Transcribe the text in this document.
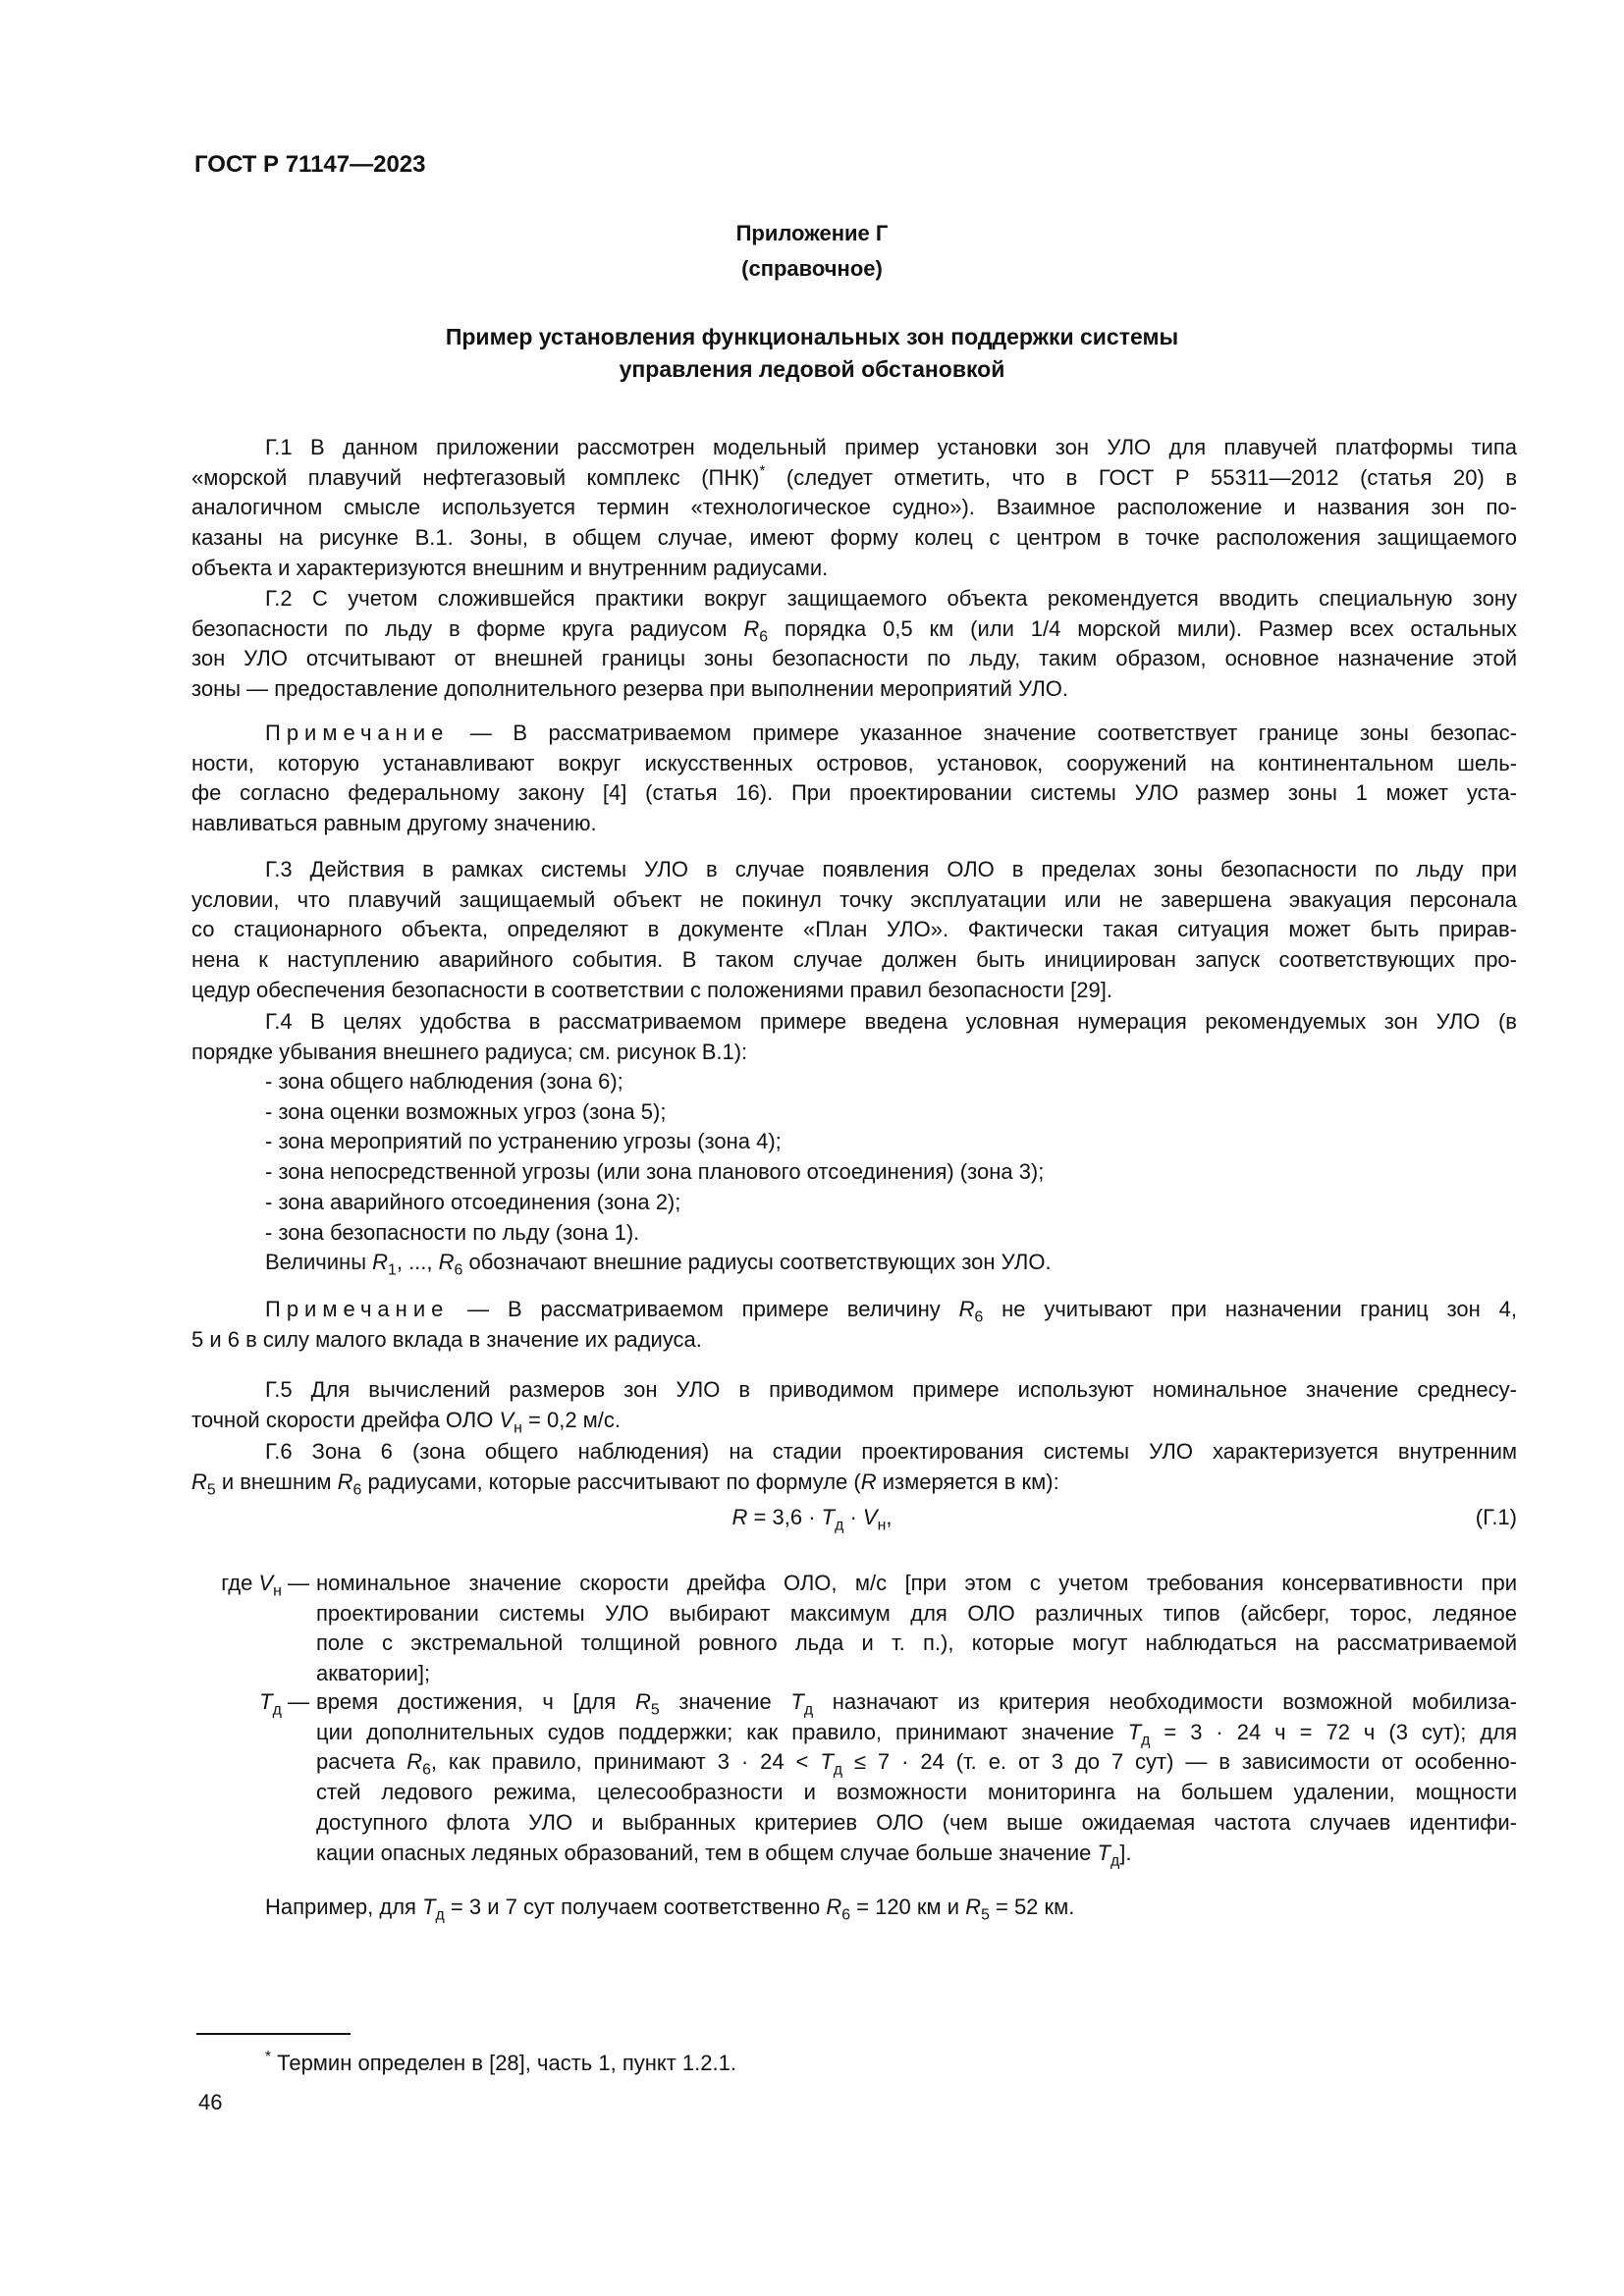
ГОСТ Р 71147—2023
Приложение Г
(справочное)
Пример установления функциональных зон поддержки системы
управления ледовой обстановкой
Г.1 В данном приложении рассмотрен модельный пример установки зон УЛО для плавучей платформы типа
«морской плавучий нефтегазовый комплекс (ПНК)* (следует отметить, что в ГОСТ Р 55311—2012 (статья 20) в
аналогичном смысле используется термин «технологическое судно»). Взаимное расположение и названия зон по-
казаны на рисунке В.1. Зоны, в общем случае, имеют форму колец с центром в точке расположения защищаемого
объекта и характеризуются внешним и внутренним радиусами.
Г.2 С учетом сложившейся практики вокруг защищаемого объекта рекомендуется вводить специальную зону
безопасности по льду в форме круга радиусом $R_6$ порядка 0,5 км (или 1/4 морской мили). Размер всех остальных
зон УЛО отсчитывают от внешней границы зоны безопасности по льду, таким образом, основное назначение этой
зоны — предоставление дополнительного резерва при выполнении мероприятий УЛО.
Примечание — В рассматриваемом примере указанное значение соответствует границе зоны безопас-
ности, которую устанавливают вокруг искусственных островов, установок, сооружений на континентальном шель-
фе согласно федеральному закону [4] (статья 16). При проектировании системы УЛО размер зоны 1 может уста-
навливаться равным другому значению.
Г.3 Действия в рамках системы УЛО в случае появления ОЛО в пределах зоны безопасности по льду при
условии, что плавучий защищаемый объект не покинул точку эксплуатации или не завершена эвакуация персонала
со стационарного объекта, определяют в документе «План УЛО». Фактически такая ситуация может быть прирав-
нена к наступлению аварийного события. В таком случае должен быть инициирован запуск соответствующих про-
цедур обеспечения безопасности в соответствии с положениями правил безопасности [29].
Г.4 В целях удобства в рассматриваемом примере введена условная нумерация рекомендуемых зон УЛО (в
порядке убывания внешнего радиуса; см. рисунок В.1):
- зона общего наблюдения (зона 6);
- зона оценки возможных угроз (зона 5);
- зона мероприятий по устранению угрозы (зона 4);
- зона непосредственной угрозы (или зона планового отсоединения) (зона 3);
- зона аварийного отсоединения (зона 2);
- зона безопасности по льду (зона 1).
Величины $R_1$, ..., $R_6$ обозначают внешние радиусы соответствующих зон УЛО.
Примечание — В рассматриваемом примере величину $R_6$ не учитывают при назначении границ зон 4,
5 и 6 в силу малого вклада в значение их радиуса.
Г.5 Для вычислений размеров зон УЛО в приводимом примере используют номинальное значение среднесу-
точной скорости дрейфа ОЛО $V_н = 0,2$ м/с.
Г.6 Зона 6 (зона общего наблюдения) на стадии проектирования системы УЛО характеризуется внутренним
$R_5$ и внешним $R_6$ радиусами, которые рассчитывают по формуле (R измеряется в км):
где $V_н$ — номинальное значение скорости дрейфа ОЛО, м/с [при этом с учетом требования консервативности при
проектировании системы УЛО выбирают максимум для ОЛО различных типов (айсберг, торос, ледяное
поле с экстремальной толщиной ровного льда и т. п.), которые могут наблюдаться на рассматриваемой
акватории];
$T_д$ — время достижения, ч [для $R_5$ значение $T_д$ назначают из критерия необходимости возможной мобилиза-
ции дополнительных судов поддержки; как правило, принимают значение $T_д = 3 \cdot 24$ ч = 72 ч (3 сут); для
расчета $R_6$, как правило, принимают $3 \cdot 24 < T_д \le 7 \cdot 24$ (т. е. от 3 до 7 сут) — в зависимости от особенно-
стей ледового режима, целесообразности и возможности мониторинга на большем удалении, мощности
доступного флота УЛО и выбранных критериев ОЛО (чем выше ожидаемая частота случаев идентифи-
кации опасных ледяных образований, тем в общем случае больше значение $T_д$].
Например, для $T_д = 3$ и 7 сут получаем соответственно $R_6 = 120$ км и $R_5 = 52$ км.
$R = 3,6 \cdot T_д \cdot V_н$,	(Г.1)
* Термин определен в [28], часть 1, пункт 1.2.1.
46
